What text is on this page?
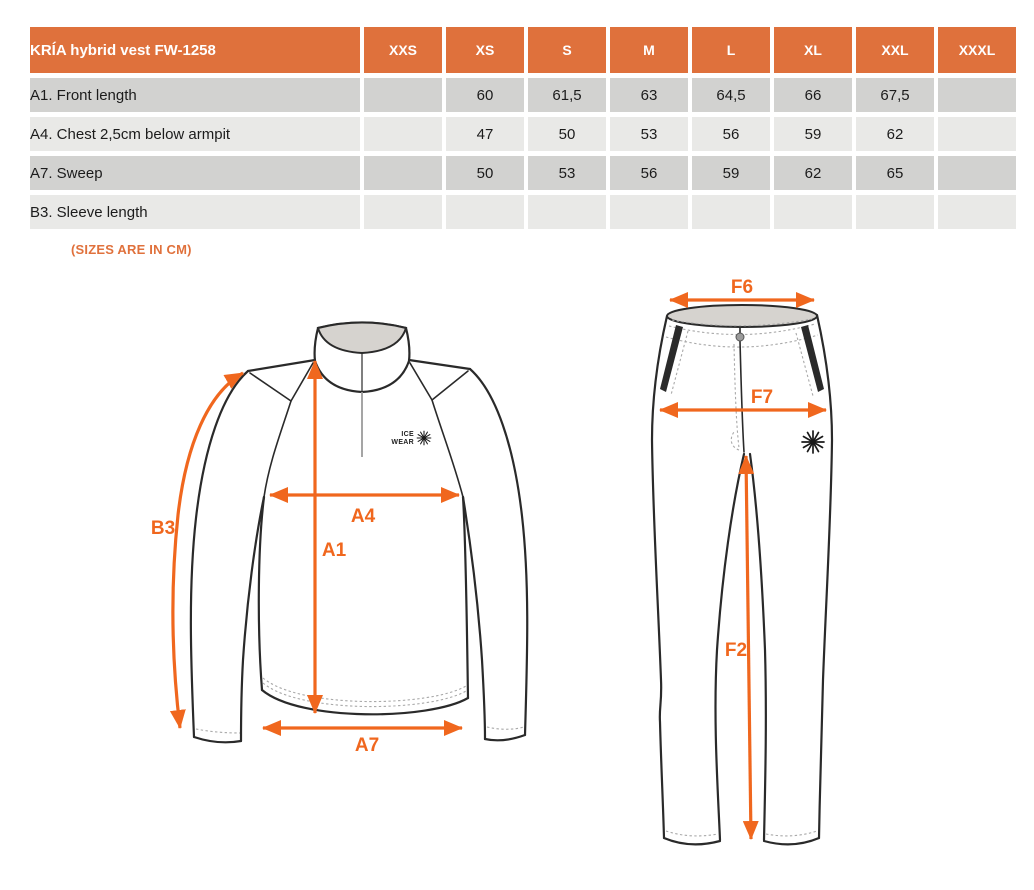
KRÍA hybrid vest FW-1258	XXS	XS	S	M	L	XL	XXL	XXXL
A1. Front length		60	61,5	63	64,5	66	67,5	
A4. Chest 2,5cm below armpit		47	50	53	56	59	62	
A7. Sweep		50	53	56	59	62	65	
B3. Sleeve length								
(SIZES ARE IN CM)
ICE
WEAR
B3
A4
A1
A7
F6
F7
F2
